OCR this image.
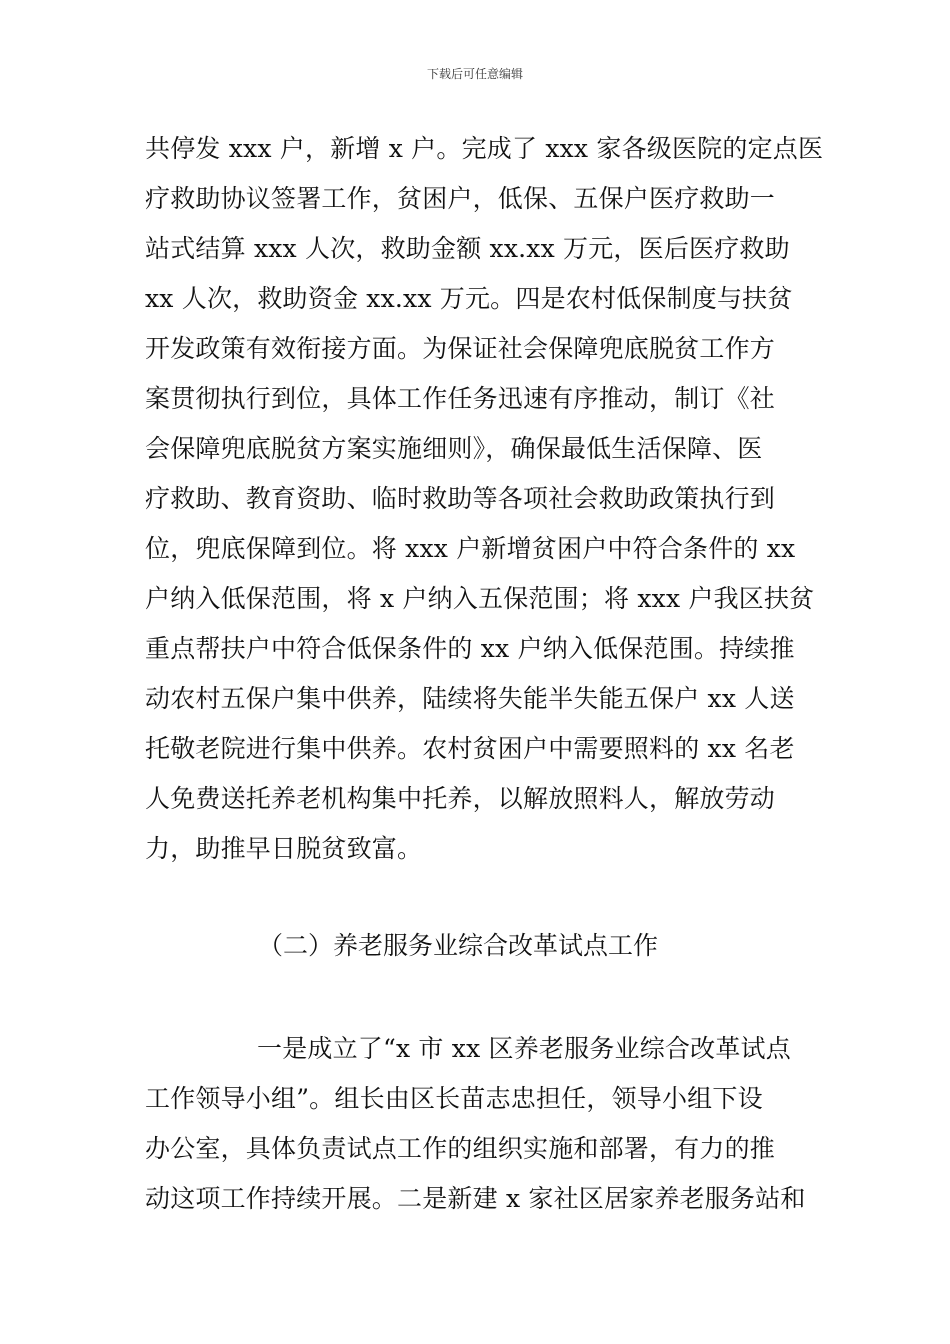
下载后可任意编辑
共停发 xxx 户，新增 x 户。完成了 xxx 家各级医院的定点医
疗救助协议签署工作，贫困户，低保、五保户医疗救助一
站式结算 xxx 人次，救助金额 xx.xx 万元，医后医疗救助
xx 人次，救助资金 xx.xx 万元。四是农村低保制度与扶贫
开发政策有效衔接方面。为保证社会保障兜底脱贫工作方
案贯彻执行到位，具体工作任务迅速有序推动，制订《社
会保障兜底脱贫方案实施细则》，确保最低生活保障、医
疗救助、教育资助、临时救助等各项社会救助政策执行到
位，兜底保障到位。将 xxx 户新增贫困户中符合条件的 xx
户纳入低保范围，将 x 户纳入五保范围；将 xxx 户我区扶贫
重点帮扶户中符合低保条件的 xx 户纳入低保范围。持续推
动农村五保户集中供养，陆续将失能半失能五保户 xx 人送
托敬老院进行集中供养。农村贫困户中需要照料的 xx 名老
人免费送托养老机构集中托养，以解放照料人，解放劳动
力，助推早日脱贫致富。
（二）养老服务业综合改革试点工作
一是成立了“x 市 xx 区养老服务业综合改革试点
工作领导小组”。组长由区长苗志忠担任，领导小组下设
办公室，具体负责试点工作的组织实施和部署，有力的推
动这项工作持续开展。二是新建 x 家社区居家养老服务站和
